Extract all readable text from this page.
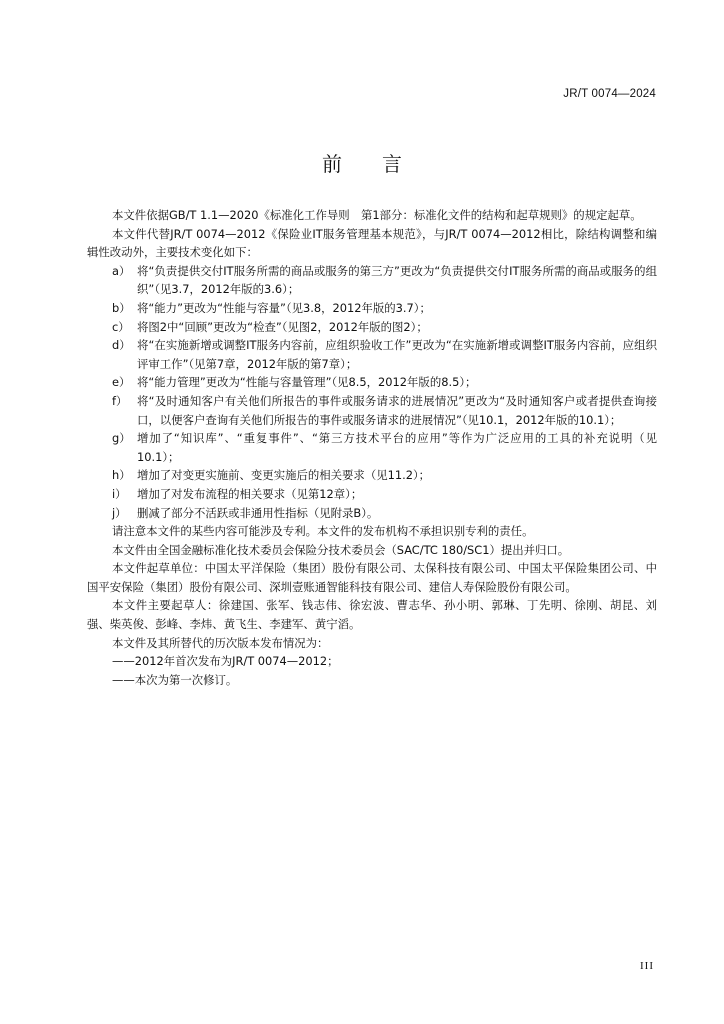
JR/T 0074—2024
前 言

本文件依据GB/T 1.1—2020《标准化工作导则　第1部分：标准化文件的结构和起草规则》的规定起草。

本文件代替JR/T 0074—2012《保险业IT服务管理基本规范》，与JR/T 0074—2012相比，除结构调整和编辑性改动外，主要技术变化如下：

a） 将“负责提供交付IT服务所需的商品或服务的第三方”更改为“负责提供交付IT服务所需的商品或服务的组织”（见3.7，2012年版的3.6）；
b） 将“能力”更改为“性能与容量”（见3.8，2012年版的3.7）；
c） 将图2中“回顾”更改为“检查”（见图2，2012年版的图2）；
d） 将“在实施新增或调整IT服务内容前，应组织验收工作”更改为“在实施新增或调整IT服务内容前，应组织评审工作”（见第7章，2012年版的第7章）；
e） 将“能力管理”更改为“性能与容量管理”（见8.5，2012年版的8.5）；
f） 将“及时通知客户有关他们所报告的事件或服务请求的进展情况”更改为“及时通知客户或者提供查询接口，以便客户查询有关他们所报告的事件或服务请求的进展情况”（见10.1，2012年版的10.1）；
g） 增加了“知识库”、“重复事件”、“第三方技术平台的应用”等作为广泛应用的工具的补充说明（见10.1）；
h） 增加了对变更实施前、变更实施后的相关要求（见11.2）；
i） 增加了对发布流程的相关要求（见第12章）；
j） 删减了部分不活跃或非通用性指标（见附录B）。

请注意本文件的某些内容可能涉及专利。本文件的发布机构不承担识别专利的责任。

本文件由全国金融标准化技术委员会保险分技术委员会（SAC/TC 180/SC1）提出并归口。

本文件起草单位：中国太平洋保险（集团）股份有限公司、太保科技有限公司、中国太平保险集团公司、中国平安保险（集团）股份有限公司、深圳壹账通智能科技有限公司、建信人寿保险股份有限公司。

本文件主要起草人：徐建国、张军、钱志伟、徐宏波、曹志华、孙小明、郭琳、丁先明、徐刚、胡昆、刘强、柴英俊、彭峰、李炜、黄飞生、李建军、黄宁滔。

本文件及其所替代的历次版本发布情况为：

——2012年首次发布为JR/T 0074—2012；

——本次为第一次修订。

III
